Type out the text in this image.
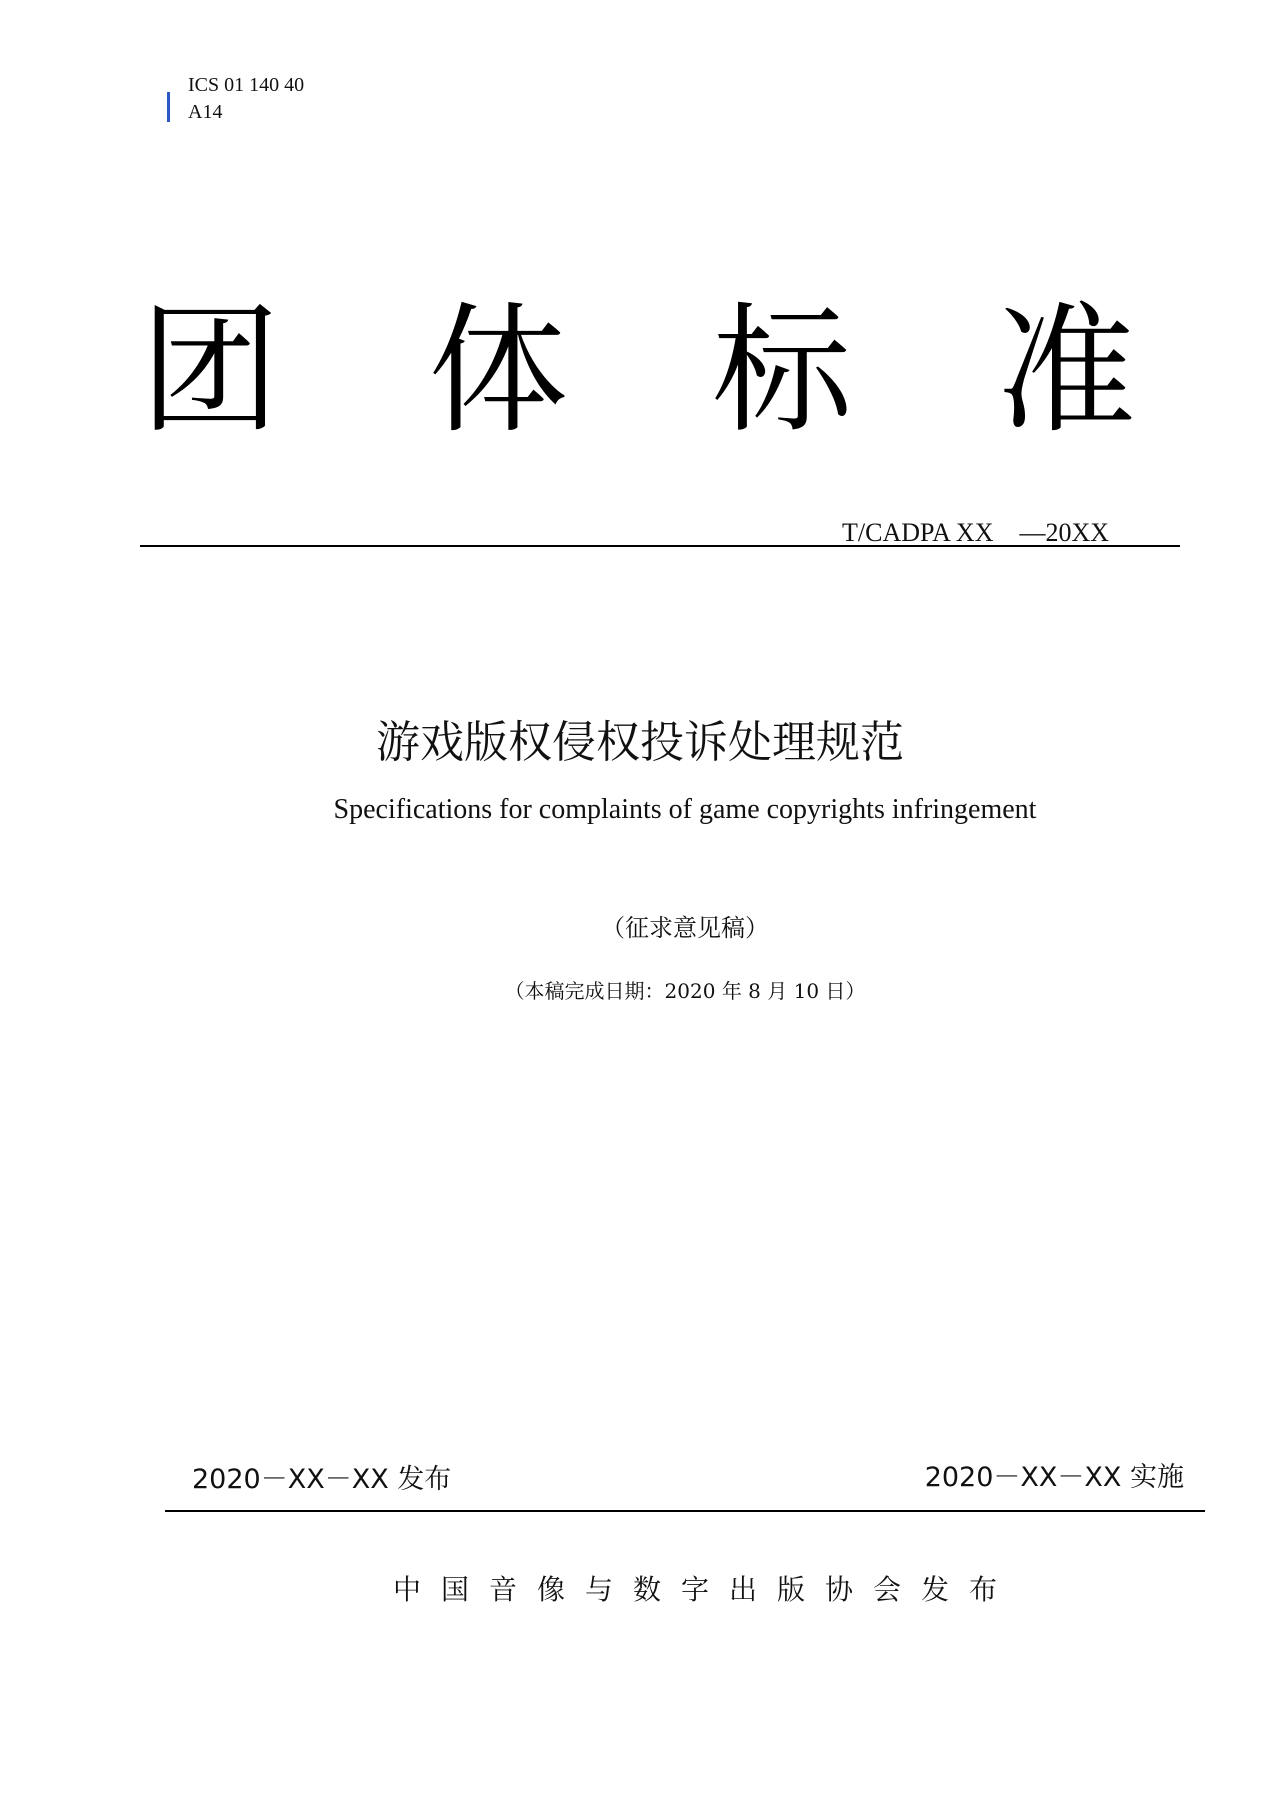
ICS 01 140 40
A14
团 体 标 准
T/CADPA XX    —20XX
游戏版权侵权投诉处理规范
Specifications for complaints of game copyrights infringement
（征求意见稿）
（本稿完成日期：2020 年 8 月 10 日）
2020－XX－XX 发布	2020－XX－XX 实施
中国音像与数字出版协会发布
